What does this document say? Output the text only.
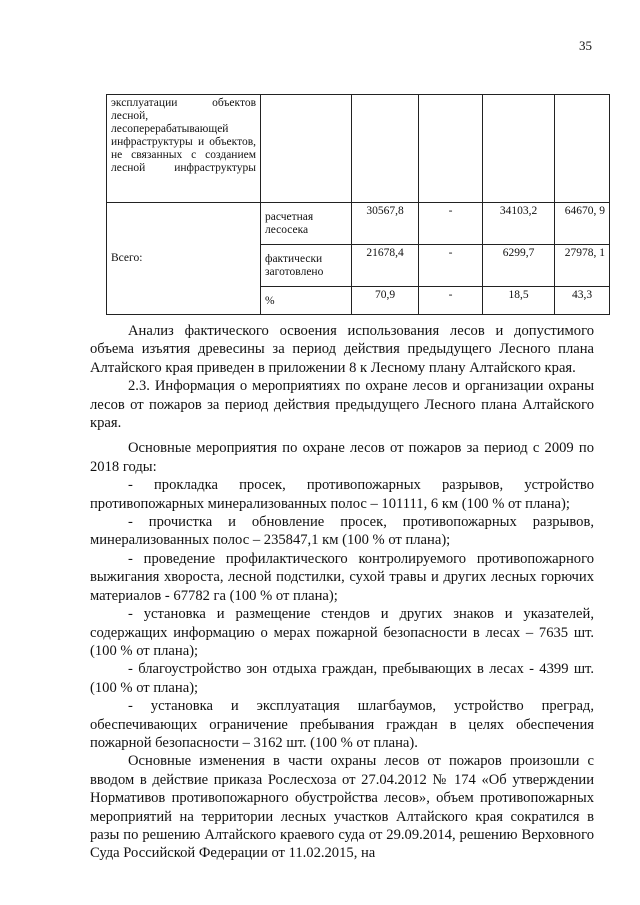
35
эксплуатации объектов лесной, лесоперерабатывающей инфраструктуры и объектов, не связанных с созданием лесной инфраструктуры					
Всего:	расчетная лесосека	30567,8	-	34103,2	64670, 9
	фактически заготовлено	21678,4	-	6299,7	27978, 1
	%	70,9	-	18,5	43,3

Анализ фактического освоения использования лесов и допустимого объема изъятия древесины за период действия предыдущего Лесного плана Алтайского края приведен в приложении 8 к Лесному плану Алтайского края.

2.3. Информация о мероприятиях по охране лесов и организации охраны лесов от пожаров за период действия предыдущего Лесного плана Алтайского края.

Основные мероприятия по охране лесов от пожаров за период с 2009 по 2018 годы:

- прокладка просек, противопожарных разрывов, устройство противопожарных минерализованных полос – 101111, 6 км (100 % от плана);

- прочистка и обновление просек, противопожарных разрывов, минерализованных полос – 235847,1 км (100 % от плана);

- проведение профилактического контролируемого противопожарного выжигания хвороста, лесной подстилки, сухой травы и других лесных горючих материалов - 67782 га (100 % от плана);

- установка и размещение стендов и других знаков и указателей, содержащих информацию о мерах пожарной безопасности в лесах – 7635 шт. (100 % от плана);

- благоустройство зон отдыха граждан, пребывающих в лесах - 4399 шт. (100 % от плана);

- установка и эксплуатация шлагбаумов, устройство преград, обеспечивающих ограничение пребывания граждан в целях обеспечения пожарной безопасности – 3162 шт. (100 % от плана).

Основные изменения в части охраны лесов от пожаров произошли с вводом в действие приказа Рослесхоза от 27.04.2012 № 174 «Об утверждении Нормативов противопожарного обустройства лесов», объем противопожарных мероприятий на территории лесных участков Алтайского края сократился в разы по решению Алтайского краевого суда от 29.09.2014, решению Верховного Суда Российской Федерации от 11.02.2015, на
